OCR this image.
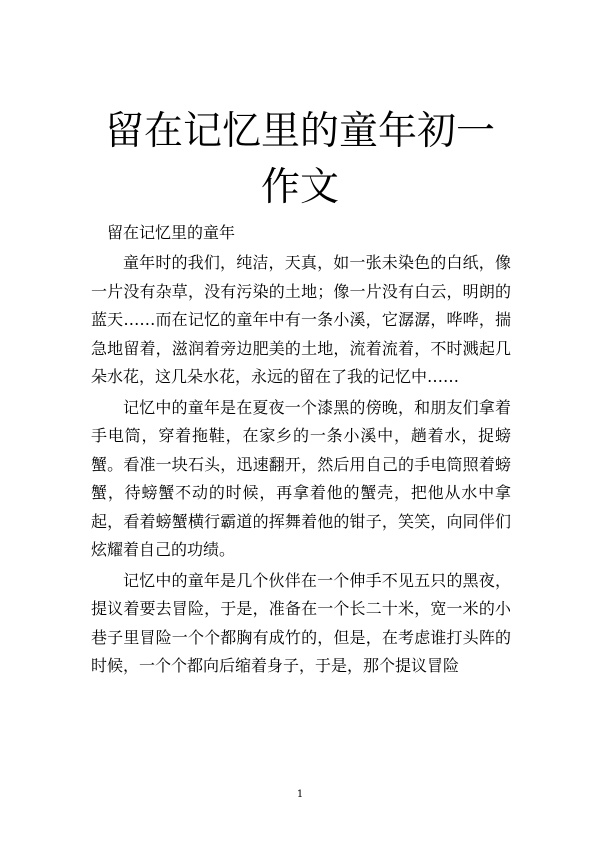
留在记忆里的童年初一作文

留在记忆里的童年

童年时的我们，纯洁，天真，如一张未染色的白纸，像一片没有杂草，没有污染的土地；像一片没有白云，明朗的蓝天……而在记忆的童年中有一条小溪，它潺潺，哗哗，揣急地留着，滋润着旁边肥美的土地，流着流着，不时溅起几朵水花，这几朵水花，永远的留在了我的记忆中……

记忆中的童年是在夏夜一个漆黑的傍晚，和朋友们拿着手电筒，穿着拖鞋，在家乡的一条小溪中，趟着水，捉螃蟹。看准一块石头，迅速翻开，然后用自己的手电筒照着螃蟹，待螃蟹不动的时候，再拿着他的蟹壳，把他从水中拿起，看着螃蟹横行霸道的挥舞着他的钳子，笑笑，向同伴们炫耀着自己的功绩。

记忆中的童年是几个伙伴在一个伸手不见五只的黑夜，提议着要去冒险，于是，准备在一个长二十米，宽一米的小巷子里冒险一个个都胸有成竹的，但是，在考虑谁打头阵的时候，一个个都向后缩着身子，于是，那个提议冒险

1
